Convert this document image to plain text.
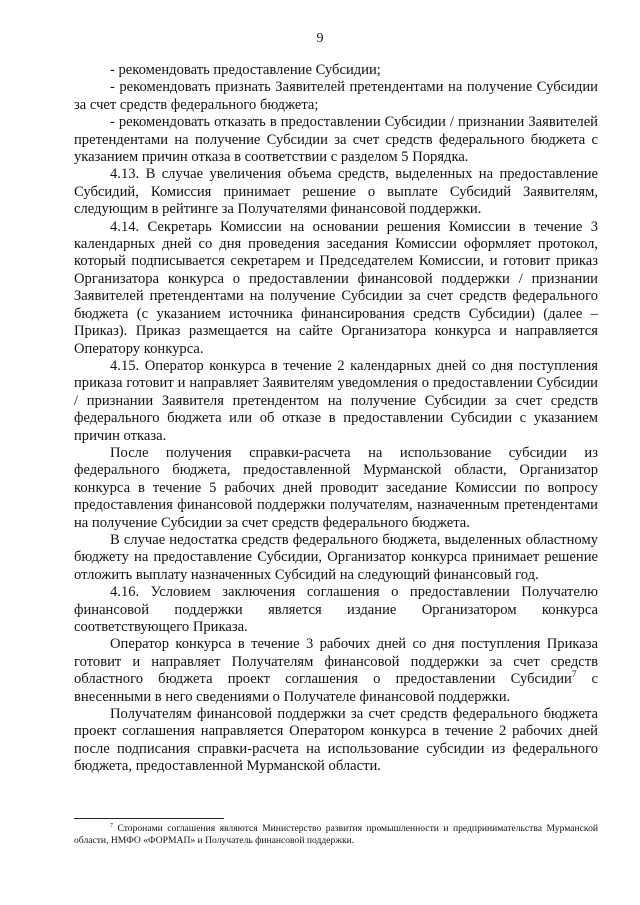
9

- рекомендовать предоставление Субсидии;

- рекомендовать признать Заявителей претендентами на получение Субсидии за счет средств федерального бюджета;

- рекомендовать отказать в предоставлении Субсидии / признании Заявителей претендентами на получение Субсидии за счет средств федерального бюджета с указанием причин отказа в соответствии с разделом 5 Порядка.

4.13. В случае увеличения объема средств, выделенных на предоставление Субсидий, Комиссия принимает решение о выплате Субсидий Заявителям, следующим в рейтинге за Получателями финансовой поддержки.

4.14. Секретарь Комиссии на основании решения Комиссии в течение 3 календарных дней со дня проведения заседания Комиссии оформляет протокол, который подписывается секретарем и Председателем Комиссии, и готовит приказ Организатора конкурса о предоставлении финансовой поддержки / признании Заявителей претендентами на получение Субсидии за счет средств федерального бюджета (с указанием источника финансирования средств Субсидии) (далее – Приказ). Приказ размещается на сайте Организатора конкурса и направляется Оператору конкурса.

4.15. Оператор конкурса в течение 2 календарных дней со дня поступления приказа готовит и направляет Заявителям уведомления о предоставлении Субсидии / признании Заявителя претендентом на получение Субсидии за счет средств федерального бюджета или об отказе в предоставлении Субсидии с указанием причин отказа.

После получения справки-расчета на использование субсидии из федерального бюджета, предоставленной Мурманской области, Организатор конкурса в течение 5 рабочих дней проводит заседание Комиссии по вопросу предоставления финансовой поддержки получателям, назначенным претендентами на получение Субсидии за счет средств федерального бюджета.

В случае недостатка средств федерального бюджета, выделенных областному бюджету на предоставление Субсидии, Организатор конкурса принимает решение отложить выплату назначенных Субсидий на следующий финансовый год.

4.16. Условием заключения соглашения о предоставлении Получателю финансовой поддержки является издание Организатором конкурса соответствующего Приказа.

Оператор конкурса в течение 3 рабочих дней со дня поступления Приказа готовит и направляет Получателям финансовой поддержки за счет средств областного бюджета проект соглашения о предоставлении Субсидии$^7$ с внесенными в него сведениями о Получателе финансовой поддержки.

Получателям финансовой поддержки за счет средств федерального бюджета проект соглашения направляется Оператором конкурса в течение 2 рабочих дней после подписания справки-расчета на использование субсидии из федерального бюджета, предоставленной Мурманской области.

$^7$ Сторонами соглашения являются Министерство развития промышленности и предпринимательства Мурманской области, НМФО «ФОРМАП» и Получатель финансовой поддержки.
